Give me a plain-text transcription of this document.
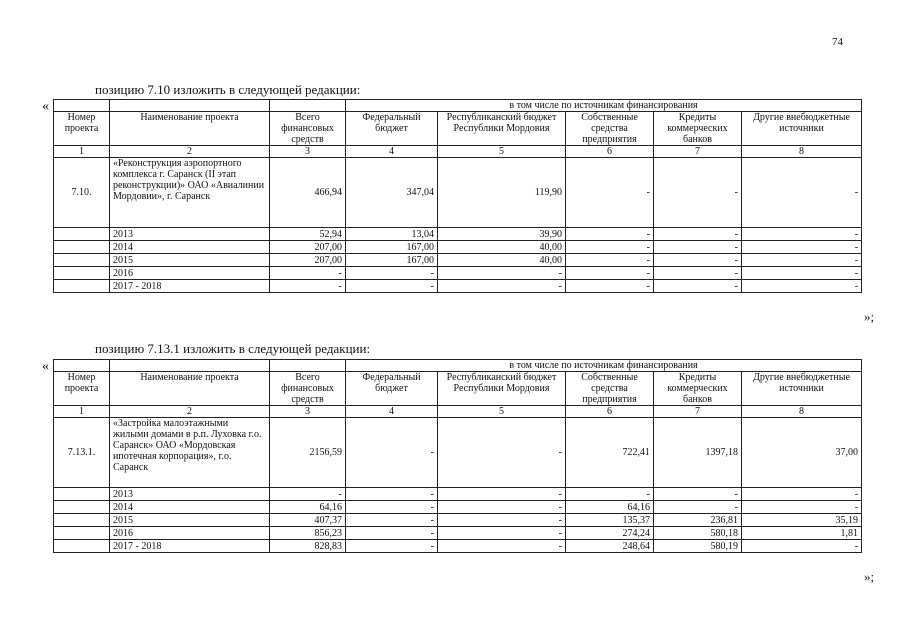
74
позицию 7.10 изложить в следующей редакции:
«
				в том числе по источникам финансирования				
Номер проекта	Наименование проекта	Всего финансовых средств	Федеральный бюджет	Республиканский бюджет Республики Мордовия	Собственные средства предприятия	Кредиты коммерческих банков	Другие внебюджетные источники
1	2	3	4	5	6	7	8
7.10.	«Реконструкция аэропортного комплекса г. Саранск (II этап реконструкции)» ОАО «Авиалинии Мордовии», г. Саранск	466,94	347,04	119,90	-	-	-
	2013	52,94	13,04	39,90	-	-	-
	2014	207,00	167,00	40,00	-	-	-
	2015	207,00	167,00	40,00	-	-	-
	2016	-	-	-	-	-	-
	2017 - 2018	-	-	-	-	-	-
»;
позицию 7.13.1 изложить в следующей редакции:
«
				в том числе по источникам финансирования				
Номер проекта	Наименование проекта	Всего финансовых средств	Федеральный бюджет	Республиканский бюджет Республики Мордовия	Собственные средства предприятия	Кредиты коммерческих банков	Другие внебюджетные источники
1	2	3	4	5	6	7	8
7.13.1.	«Застройка малоэтажными жилыми домами в р.п. Луховка г.о. Саранск» ОАО «Мордовская ипотечная корпорация», г.о. Саранск	2156,59	-	-	722,41	1397,18	37,00
	2013	-	-	-	-	-	-
	2014	64,16	-	-	64,16	-	-
	2015	407,37	-	-	135,37	236,81	35,19
	2016	856,23	-	-	274,24	580,18	1,81
	2017 - 2018	828,83	-	-	248,64	580,19	-
»;
